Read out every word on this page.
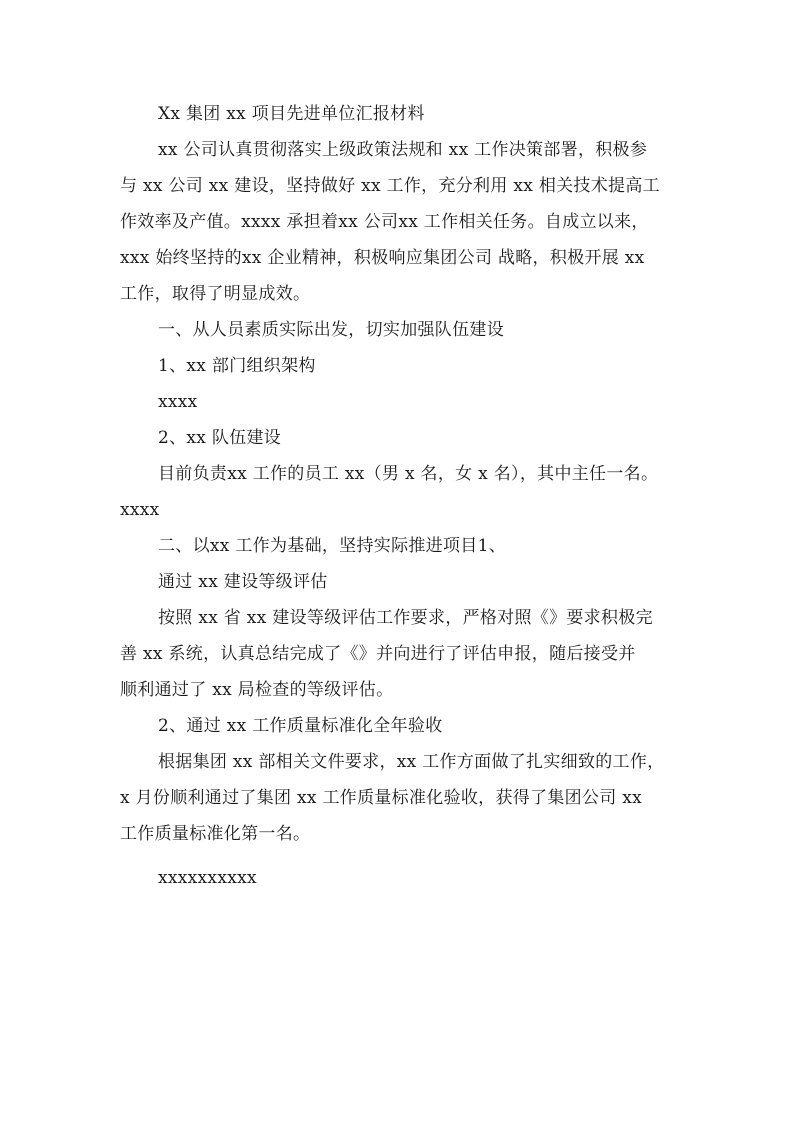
Xx 集团 xx 项目先进单位汇报材料
xx 公司认真贯彻落实上级政策法规和 xx 工作决策部署，积极参
与 xx 公司 xx 建设，坚持做好 xx 工作，充分利用 xx 相关技术提高工
作效率及产值。xxxx 承担着xx 公司xx 工作相关任务。自成立以来，
xxx 始终坚持的xx 企业精神，积极响应集团公司 战略，积极开展 xx
工作，取得了明显成效。
一、从人员素质实际出发，切实加强队伍建设
1、xx 部门组织架构
xxxx
2、xx 队伍建设
目前负责xx 工作的员工 xx（男 x 名，女 x 名），其中主任一名。
xxxx
二、以xx 工作为基础，坚持实际推进项目1、
通过 xx 建设等级评估
按照 xx 省 xx 建设等级评估工作要求，严格对照《》要求积极完
善 xx 系统，认真总结完成了《》并向进行了评估申报，随后接受并
顺利通过了 xx 局检查的等级评估。
2、通过 xx 工作质量标准化全年验收
根据集团 xx 部相关文件要求，xx 工作方面做了扎实细致的工作，
x 月份顺利通过了集团 xx 工作质量标准化验收，获得了集团公司 xx
工作质量标准化第一名。
xxxxxxxxxx
